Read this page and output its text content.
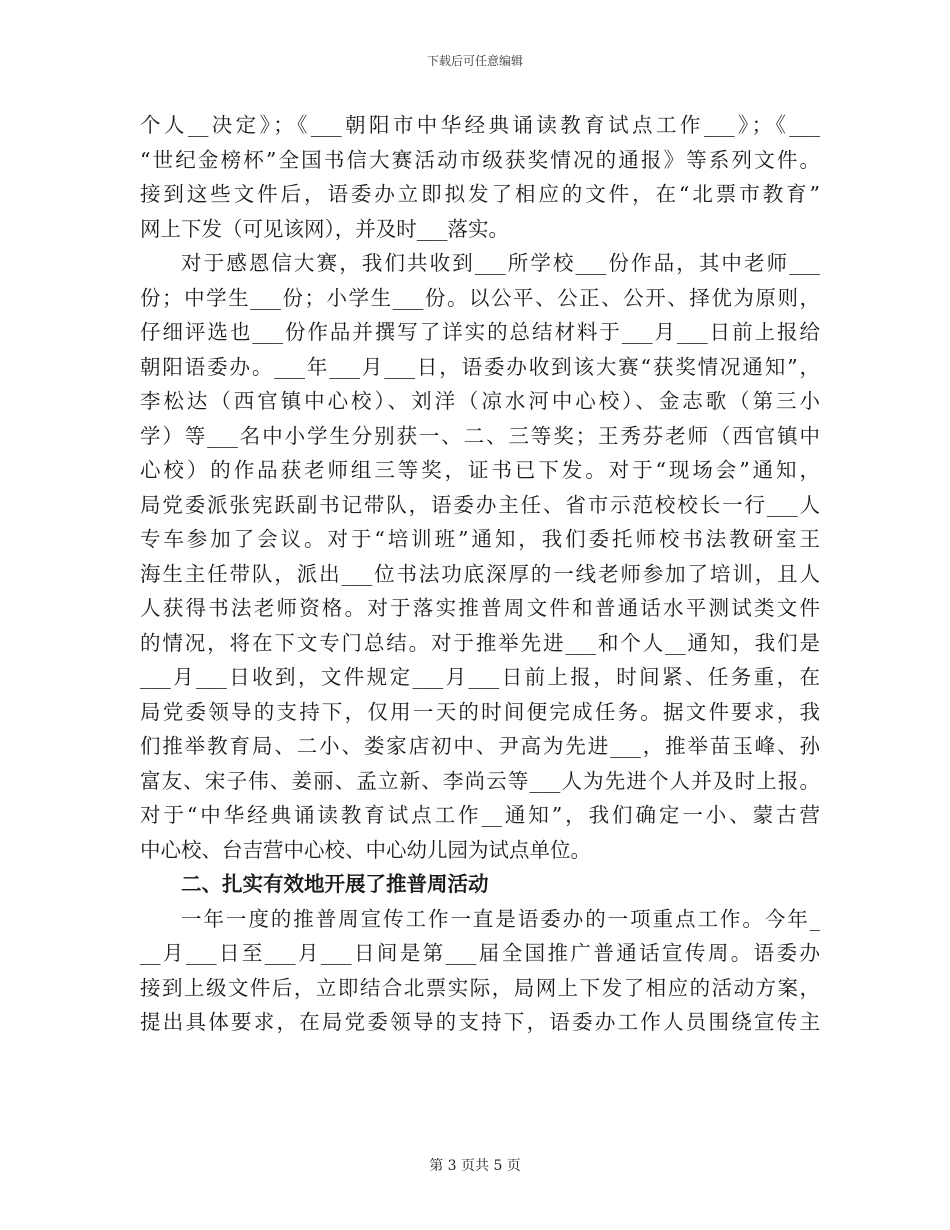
下载后可任意编辑
个人__决定》；《___朝阳市中华经典诵读教育试点工作___》；《___
“世纪金榜杯”全国书信大赛活动市级获奖情况的通报》等系列文件。
接到这些文件后，语委办立即拟发了相应的文件，在“北票市教育”
网上下发（可见该网），并及时___落实。
对于感恩信大赛，我们共收到___所学校___份作品，其中老师___
份；中学生___份；小学生___份。以公平、公正、公开、择优为原则，
仔细评选也___份作品并撰写了详实的总结材料于___月___日前上报给
朝阳语委办。___年___月___日，语委办收到该大赛“获奖情况通知”，
李松达（西官镇中心校）、刘洋（凉水河中心校）、金志歌（第三小
学）等___名中小学生分别获一、二、三等奖；王秀芬老师（西官镇中
心校）的作品获老师组三等奖，证书已下发。对于“现场会”通知，
局党委派张宪跃副书记带队，语委办主任、省市示范校校长一行___人
专车参加了会议。对于“培训班”通知，我们委托师校书法教研室王
海生主任带队，派出___位书法功底深厚的一线老师参加了培训，且人
人获得书法老师资格。对于落实推普周文件和普通话水平测试类文件
的情况，将在下文专门总结。对于推举先进___和个人__通知，我们是
___月___日收到，文件规定___月___日前上报，时间紧、任务重，在
局党委领导的支持下，仅用一天的时间便完成任务。据文件要求，我
们推举教育局、二小、娄家店初中、尹高为先进___，推举苗玉峰、孙
富友、宋子伟、姜丽、孟立新、李尚云等___人为先进个人并及时上报。
对于“中华经典诵读教育试点工作__通知”，我们确定一小、蒙古营
中心校、台吉营中心校、中心幼儿园为试点单位。
二、扎实有效地开展了推普周活动
一年一度的推普周宣传工作一直是语委办的一项重点工作。今年_
__月___日至___月___日间是第___届全国推广普通话宣传周。语委办
接到上级文件后，立即结合北票实际，局网上下发了相应的活动方案，
提出具体要求，在局党委领导的支持下，语委办工作人员围绕宣传主
第 3 页共 5 页
